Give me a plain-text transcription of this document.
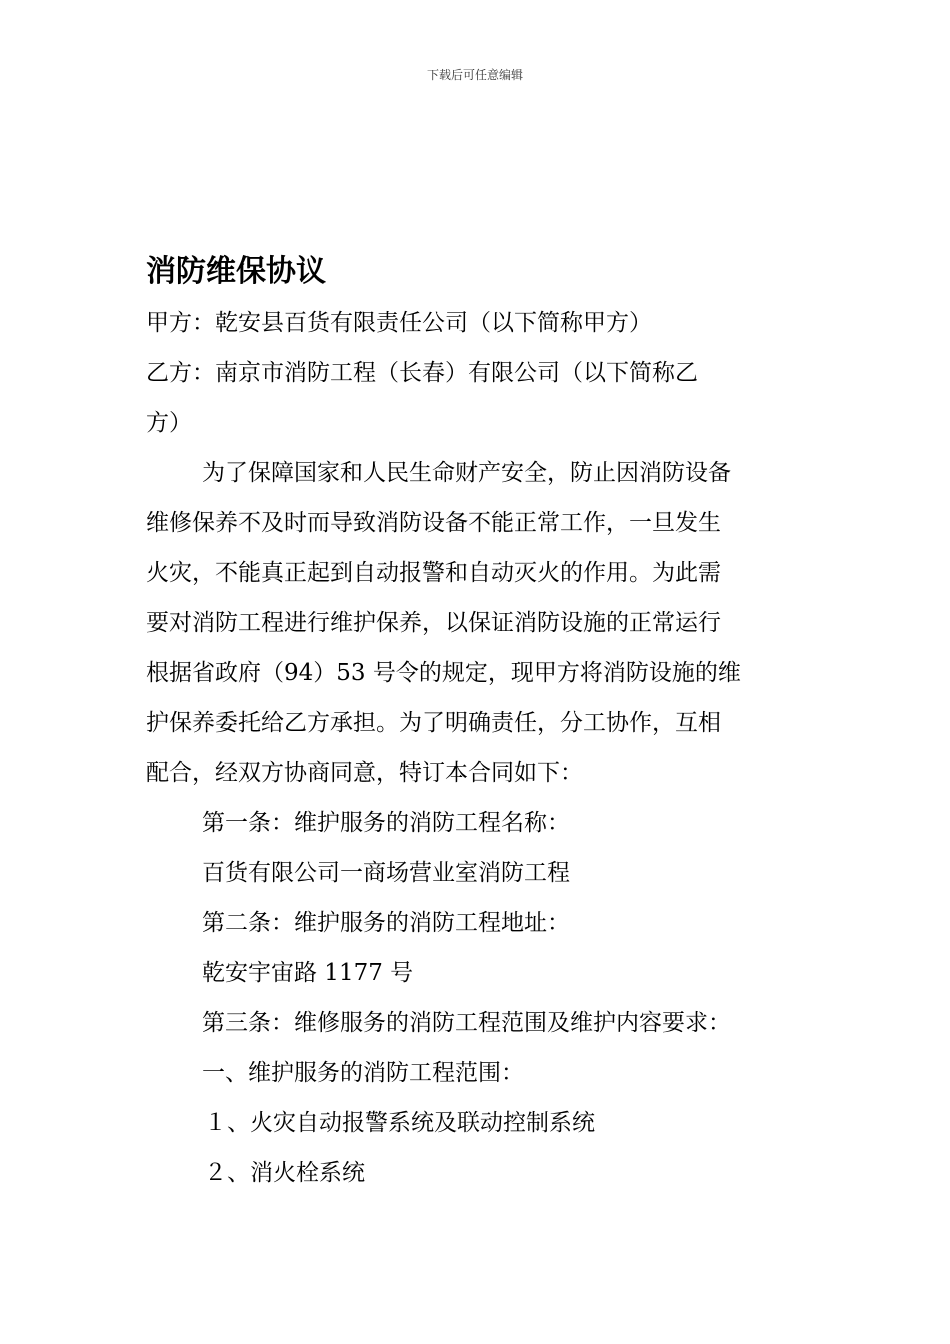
下载后可任意编辑
消防维保协议

甲方：乾安县百货有限责任公司（以下简称甲方）

乙方：南京市消防工程（长春）有限公司（以下简称乙

方）

为了保障国家和人民生命财产安全，防止因消防设备

维修保养不及时而导致消防设备不能正常工作，一旦发生

火灾，不能真正起到自动报警和自动灭火的作用。为此需

要对消防工程进行维护保养，以保证消防设施的正常运行

根据省政府（94）53 号令的规定，现甲方将消防设施的维

护保养委托给乙方承担。为了明确责任，分工协作，互相

配合，经双方协商同意，特订本合同如下：

第一条：维护服务的消防工程名称：

百货有限公司一商场营业室消防工程

第二条：维护服务的消防工程地址：

乾安宇宙路 1177 号

第三条：维修服务的消防工程范围及维护内容要求：

一、维护服务的消防工程范围：

１、火灾自动报警系统及联动控制系统

２、消火栓系统
